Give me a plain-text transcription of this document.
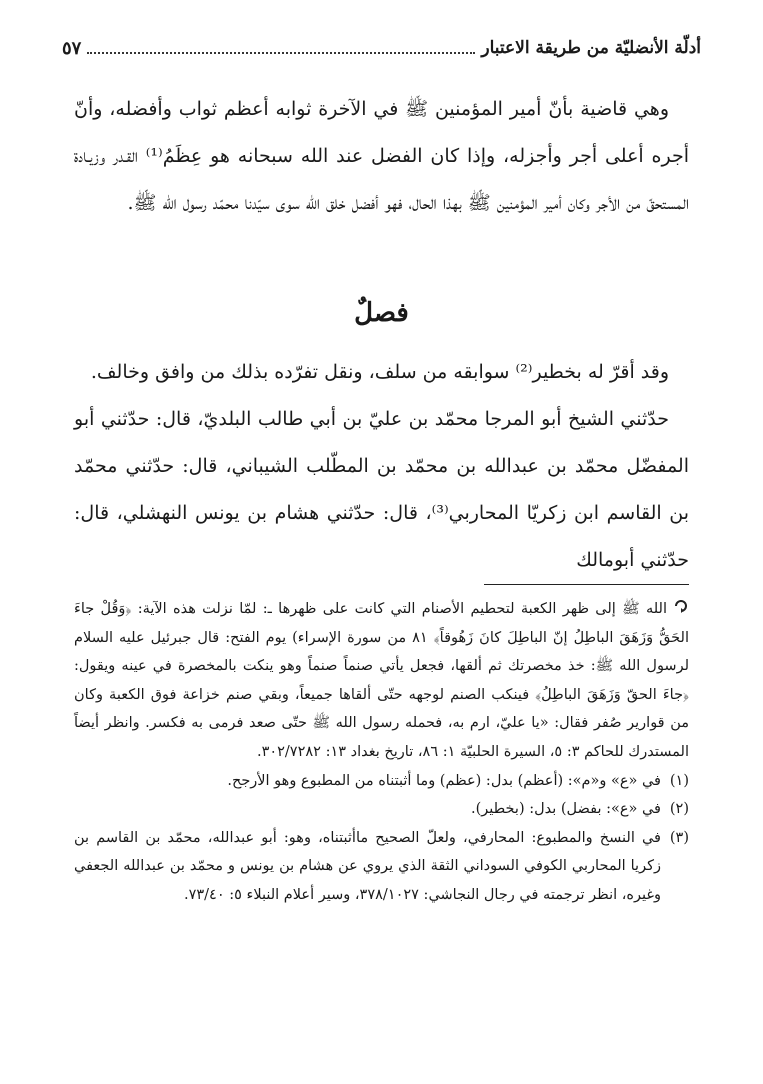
أدلّة الأنضليّة من طريقة الاعتبار
٥٧

وهي قاضية بأنّ أمير المؤمنين ﷺ في الآخرة ثوابه أعظم ثواب وأفضله، وأنّ أجره أعلى أجر وأجزله، وإذا كان الفضل عند الله سبحانه هو عِظَمُ⁽¹⁾ القـدر وزيـادة المستحقّ من الأجر وكان أمير المؤمنين ﷺ بهذا الحال، فهو أفضل خلق الله سوى سيّدنا محمّد رسول الله ﷺ.

فصلٌ

وقد أقرّ له بخطير⁽²⁾ سوابقه من سلف، ونقل تفرّده بذلك من وافق وخالف.

حدّثني الشيخ أبو المرجا محمّد بن عليّ بن أبي طالب البلديّ، قال: حدّثني أبو المفضّل محمّد بن عبدالله بن محمّد بن المطّلب الشيباني، قال: حدّثني محمّد بن القاسم ابن زكريّا المحاربي⁽³⁾، قال: حدّثني هشام بن يونس النهشلي، قال: حدّثني أبومالك

الله ﷺ إلى ظهر الكعبة لتحطيم الأصنام التي كانت على ظهرها ـ: لمّا نزلت هذه الآية: ﴿وَقُلْ جاءَ الحَقُّ وَزَهَقَ الباطِلُ إنّ الباطِلَ كانَ زَهُوقاً﴾ ٨١ من سورة الإسراء) يوم الفتح: قال جبرئيل عليه السلام لرسول الله ﷺ: خذ مخصرتك ثم ألقها، فجعل يأتي صنماً صنماً وهو ينكت بالمخصرة في عينه ويقول: ﴿جاءَ الحقّ وَزَهَقَ الباطِلُ﴾ فينكب الصنم لوجهه حتّى ألقاها جميعاً، وبقي صنم خزاعة فوق الكعبة وكان من قوارير صُفر فقال: «يا عليّ، ارم به، فحمله رسول الله ﷺ حتّى صعد فرمى به فكسر. وانظر أيضاً المستدرك للحاكم ٣: ٥، السيرة الحلبيّة ١: ٨٦، تاريخ بغداد ١٣: ٣٠٢/٧٢٨٢.

(١)
في «ع» و«م»: (أعظم) بدل: (عظم) وما أثبتناه من المطبوع وهو الأرجح.
(٢)
في «ع»: بفضل) بدل: (بخطير).
(٣)
في النسخ والمطبوع: المحارفي، ولعلّ الصحيح ماأثبتناه، وهو: أبو عبدالله، محمّد بن القاسم بن زكريا المحاربي الكوفي السوداني الثقة الذي يروي عن هشام بن يونس و محمّد بن عبدالله الجعفي وغيره، انظر ترجمته في رجال النجاشي: ٣٧٨/١٠٢٧، وسير أعلام النبلاء ٥: ٧٣/٤٠.
